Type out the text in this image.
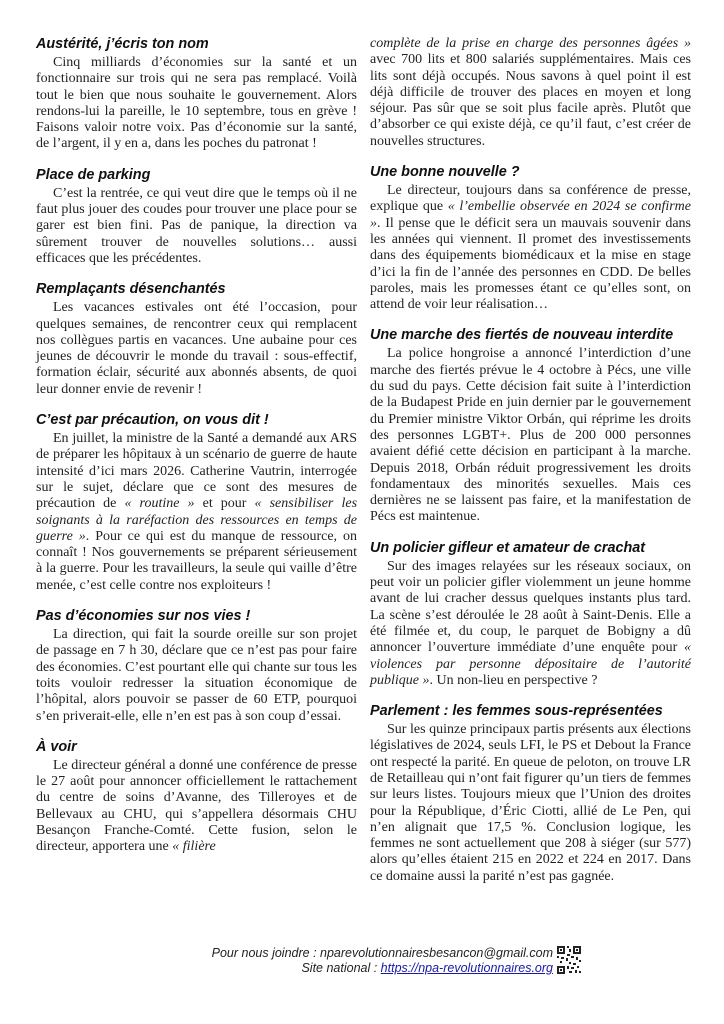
Austérité, j’écris ton nom

Cinq milliards d’économies sur la santé et un fonctionnaire sur trois qui ne sera pas remplacé. Voilà tout le bien que nous souhaite le gouvernement. Alors rendons-lui la pareille, le 10 septembre, tous en grève ! Faisons valoir notre voix. Pas d’économie sur la santé, de l’argent, il y en a, dans les poches du patronat !

Place de parking

C’est la rentrée, ce qui veut dire que le temps où il ne faut plus jouer des coudes pour trouver une place pour se garer est bien fini. Pas de panique, la direction va sûrement trouver de nouvelles solutions… aussi efficaces que les précédentes.

Remplaçants désenchantés

Les vacances estivales ont été l’occasion, pour quelques semaines, de rencontrer ceux qui remplacent nos collègues partis en vacances. Une aubaine pour ces jeunes de découvrir le monde du travail : sous-effectif, formation éclair, sécurité aux abonnés absents, de quoi leur donner envie de revenir !

C’est par précaution, on vous dit !

En juillet, la ministre de la Santé a demandé aux ARS de préparer les hôpitaux à un scénario de guerre de haute intensité d’ici mars 2026. Catherine Vautrin, interrogée sur le sujet, déclare que ce sont des mesures de précaution de « routine » et pour « sensibiliser les soignants à la raréfaction des ressources en temps de guerre ». Pour ce qui est du manque de ressource, on connaît ! Nos gouvernements se préparent sérieusement à la guerre. Pour les travailleurs, la seule qui vaille d’être menée, c’est celle contre nos exploiteurs !

Pas d’économies sur nos vies !

La direction, qui fait la sourde oreille sur son projet de passage en 7 h 30, déclare que ce n’est pas pour faire des économies. C’est pourtant elle qui chante sur tous les toits vouloir redresser la situation économique de l’hôpital, alors pouvoir se passer de 60 ETP, pourquoi s’en priverait-elle, elle n’en est pas à son coup d’essai.

À voir

Le directeur général a donné une conférence de presse le 27 août pour annoncer officiellement le rattachement du centre de soins d’Avanne, des Tilleroyes et de Bellevaux au CHU, qui s’appellera désormais CHU Besançon Franche-Comté. Cette fusion, selon le directeur, apportera une « filière

complète de la prise en charge des personnes âgées » avec 700 lits et 800 salariés supplémentaires. Mais ces lits sont déjà occupés. Nous savons à quel point il est déjà difficile de trouver des places en moyen et long séjour. Pas sûr que se soit plus facile après. Plutôt que d’absorber ce qui existe déjà, ce qu’il faut, c’est créer de nouvelles structures.

Une bonne nouvelle ?

Le directeur, toujours dans sa conférence de presse, explique que « l’embellie observée en 2024 se confirme ». Il pense que le déficit sera un mauvais souvenir dans les années qui viennent. Il promet des investissements dans des équipements biomédicaux et la mise en stage d’ici la fin de l’année des personnes en CDD. De belles paroles, mais les promesses étant ce qu’elles sont, on attend de voir leur réalisation…

Une marche des fiertés de nouveau interdite

La police hongroise a annoncé l’interdiction d’une marche des fiertés prévue le 4 octobre à Pécs, une ville du sud du pays. Cette décision fait suite à l’interdiction de la Budapest Pride en juin dernier par le gouvernement du Premier ministre Viktor Orbán, qui réprime les droits des personnes LGBT+. Plus de 200 000 personnes avaient défié cette décision en participant à la marche. Depuis 2018, Orbán réduit progressivement les droits fondamentaux des minorités sexuelles. Mais ces dernières ne se laissent pas faire, et la manifestation de Pécs est maintenue.

Un policier gifleur et amateur de crachat

Sur des images relayées sur les réseaux sociaux, on peut voir un policier gifler violemment un jeune homme avant de lui cracher dessus quelques instants plus tard. La scène s’est déroulée le 28 août à Saint-Denis. Elle a été filmée et, du coup, le parquet de Bobigny a dû annoncer l’ouverture immédiate d’une enquête pour « violences par personne dépositaire de l’autorité publique ». Un non-lieu en perspective ?

Parlement : les femmes sous-représentées

Sur les quinze principaux partis présents aux élections législatives de 2024, seuls LFI, le PS et Debout la France ont respecté la parité. En queue de peloton, on trouve LR de Retailleau qui n’ont fait figurer qu’un tiers de femmes sur leurs listes. Toujours mieux que l’Union des droites pour la République, d’Éric Ciotti, allié de Le Pen, qui n’en alignait que 17,5 %. Conclusion logique, les femmes ne sont actuellement que 208 à siéger (sur 577) alors qu’elles étaient 215 en 2022 et 224 en 2017. Dans ce domaine aussi la parité n’est pas gagnée.

Pour nous joindre : nparevolutionnairesbesancon@gmail.com
Site national : https://npa-revolutionnaires.org
